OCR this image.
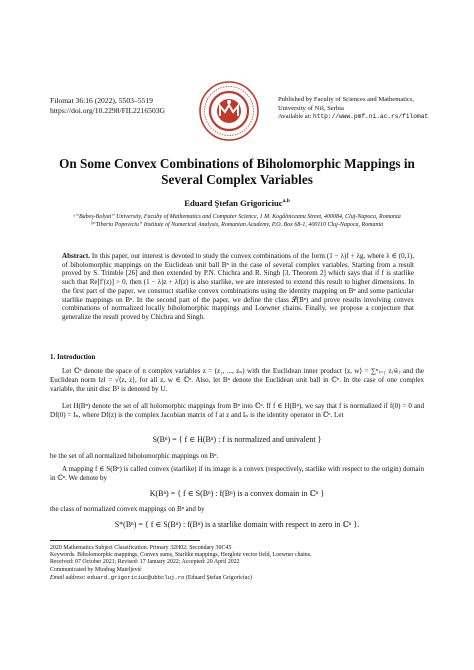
Filomat 36:16 (2022), 5503–5519
https://doi.org/10.2298/FIL2216503G
Published by Faculty of Sciences and Mathematics,
University of Niš, Serbia
Available at: http://www.pmf.ni.ac.rs/filomat
On Some Convex Combinations of Biholomorphic Mappings in
Several Complex Variables
Eduard Ştefan Grigoriciuc$^{a,b}$
ᵃ“Babeş-Bolyai” University, Faculty of Mathematics and Computer Science, 1 M. Kogălniceanu Street, 400084, Cluj-Napoca, Romania
ᵇ“Tiberiu Popoviciu” Institute of Numerical Analysis, Romanian Academy, P.O. Box 68-1, 400110 Cluj-Napoca, Romania
Abstract. In this paper, our interest is devoted to study the convex combinations of the form (1 − λ)f + λg, where λ ∈ (0,1), of biholomorphic mappings on the Euclidean unit ball Bⁿ in the case of several complex variables. Starting from a result proved by S. Trimble [26] and then extended by P.N. Chichra and R. Singh [3, Theorem 2] which says that if f is starlike such that Re[f′(z)] > 0, then (1 − λ)z + λf(z) is also starlike, we are interested to extend this result to higher dimensions. In the first part of the paper, we construct starlike convex combinations using the identity mapping on Bⁿ and some particular starlike mappings on Bⁿ. In the second part of the paper, we define the class 𝓛(Bⁿ) and prove results involving convex combinations of normalized locally biholomorphic mappings and Loewner chains. Finally, we propose a conjecture that generalize the result proved by Chichra and Singh.
1. Introduction
Let ℂⁿ denote the space of n complex variables z = (z₁, ..., zₙ) with the Euclidean inner product ⟨z, w⟩ = ∑ⁿⱼ₌₁ zⱼw̄ⱼ and the Euclidean norm ‖z‖ = √⟨z, z⟩, for all z, w ∈ ℂⁿ. Also, let Bⁿ denote the Euclidean unit ball in ℂⁿ. In the case of one complex variable, the unit disc B¹ is denoted by U.
Let H(Bⁿ) denote the set of all holomorphic mappings from Bⁿ into ℂⁿ. If f ∈ H(Bⁿ), we say that f is normalized if f(0) = 0 and Df(0) = Iₙ, where Df(z) is the complex Jacobian matrix of f at z and Iₙ is the identity operator in ℂⁿ. Let
S(Bⁿ) = { f ∈ H(Bⁿ) : f is normalized and univalent }
be the set of all normalized biholomorphic mappings on Bⁿ.
A mapping f ∈ S(Bⁿ) is called convex (starlike) if its image is a convex (respectively, starlike with respect to the origin) domain in ℂⁿ. We denote by
K(Bⁿ) = { f ∈ S(Bⁿ) : f(Bⁿ) is a convex domain in ℂⁿ }
the class of normalized convex mappings on Bⁿ and by
S*(Bⁿ) = { f ∈ S(Bⁿ) : f(Bⁿ) is a starlike domain with respect to zero in ℂⁿ }.
2020 Mathematics Subject Classification. Primary 32H02; Secondary 30C45
Keywords. Biholomorphic mappings, Convex sums, Starlike mappings, Herglotz vector field, Loewner chains.
Received: 07 October 2021; Revised: 17 January 2022; Accepted: 20 April 2022
Communicated by Miodrag Mateljević
Email address: eduard.grigoriciuc@ubbcluj.ro (Eduard Ştefan Grigoriciuc)
